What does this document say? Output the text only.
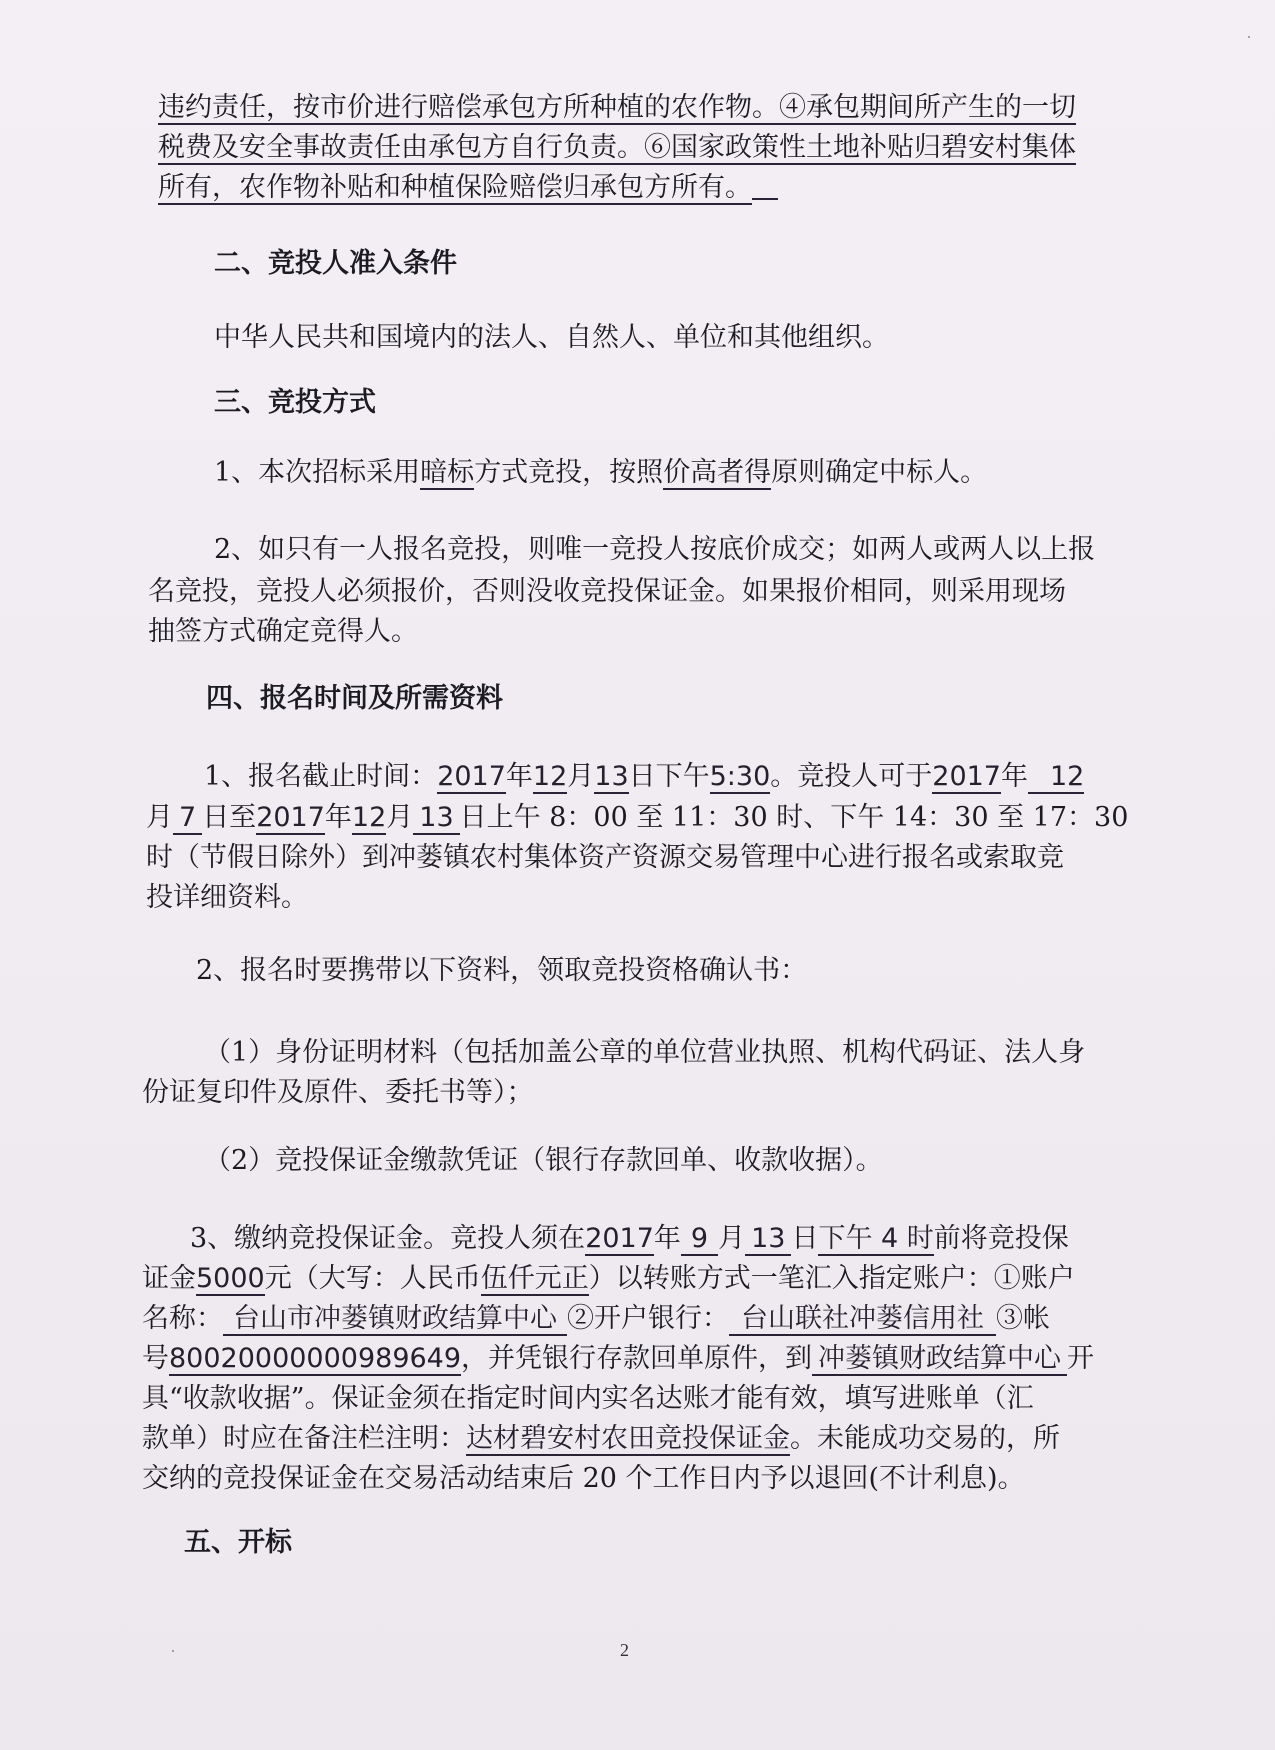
违约责任，按市价进行赔偿承包方所种植的农作物。④承包期间所产生的一切
税费及安全事故责任由承包方自行负责。⑥国家政策性土地补贴归碧安村集体
所有，农作物补贴和种植保险赔偿归承包方所有。
二、竞投人准入条件
中华人民共和国境内的法人、自然人、单位和其他组织。
三、竞投方式
1、本次招标采用暗标方式竞投，按照价高者得原则确定中标人。
2、如只有一人报名竞投，则唯一竞投人按底价成交；如两人或两人以上报
名竞投，竞投人必须报价，否则没收竞投保证金。如果报价相同，则采用现场
抽签方式确定竞得人。
四、报名时间及所需资料
1、报名截止时间：2017年12月13日下午5:30。竞投人可于2017年 12
月 7 日至2017年12月 13 日上午 8：00 至 11：30 时、下午 14：30 至 17：30
时（节假日除外）到冲蒌镇农村集体资产资源交易管理中心进行报名或索取竞
投详细资料。
2、报名时要携带以下资料，领取竞投资格确认书：
（1）身份证明材料（包括加盖公章的单位营业执照、机构代码证、法人身
份证复印件及原件、委托书等）；
（2）竞投保证金缴款凭证（银行存款回单、收款收据）。
3、缴纳竞投保证金。竞投人须在2017年 9 月 13 日下午 4 时前将竞投保
证金5000元（大写：人民币伍仟元正）以转账方式一笔汇入指定账户：①账户
名称： 台山市冲蒌镇财政结算中心 ②开户银行： 台山联社冲蒌信用社 ③帐
号80020000000989649，并凭银行存款回单原件，到 冲蒌镇财政结算中心 开
具“收款收据”。保证金须在指定时间内实名达账才能有效，填写进账单（汇
款单）时应在备注栏注明：达材碧安村农田竞投保证金。未能成功交易的，所
交纳的竞投保证金在交易活动结束后 20 个工作日内予以退回(不计利息)。
五、开标
2
